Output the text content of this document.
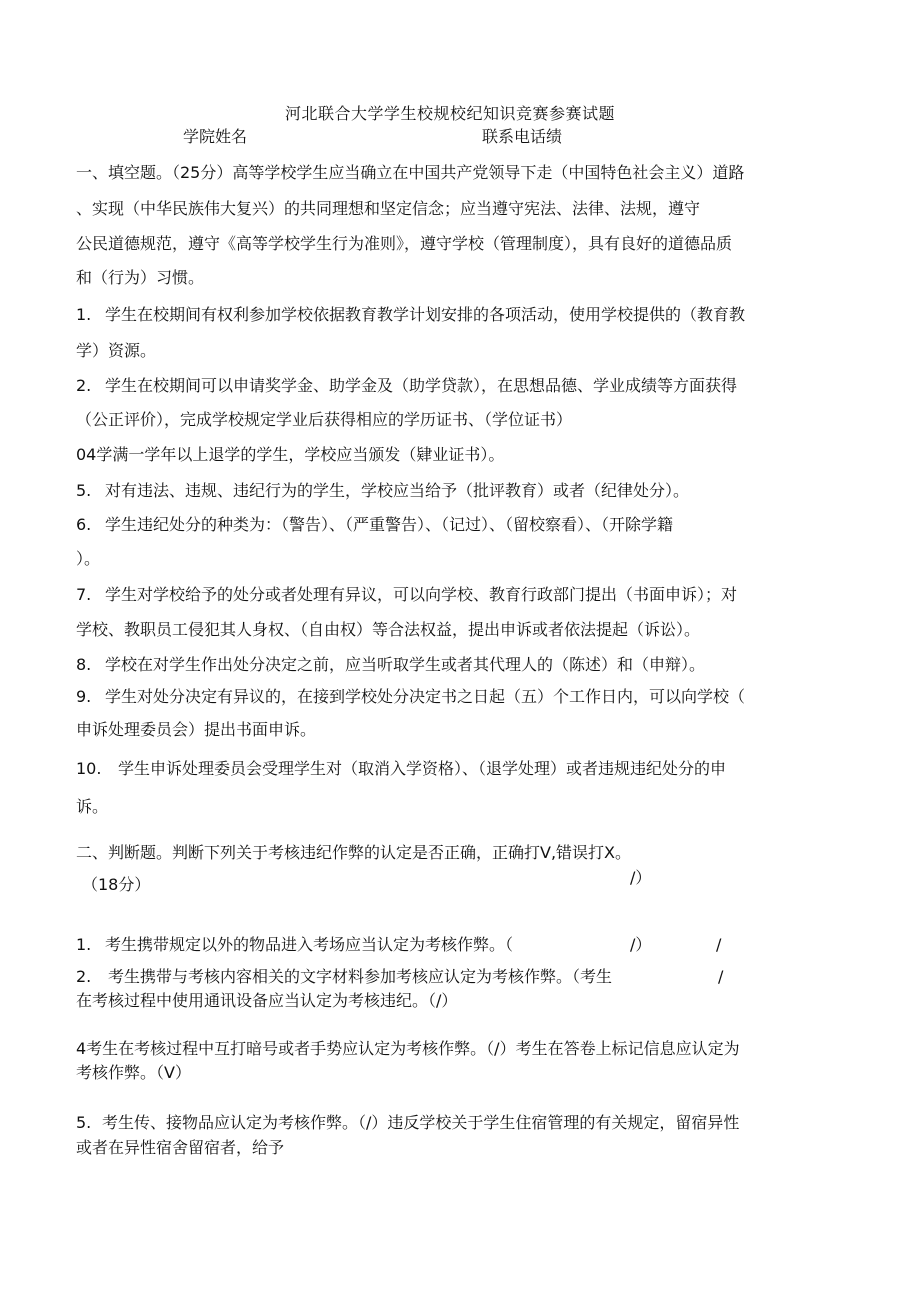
河北联合大学学生校规校纪知识竞赛参赛试题
学院姓名	联系电话绩
一、填空题。（25分）高等学校学生应当确立在中国共产党领导下走（中国特色社会主义）道路
、实现（中华民族伟大复兴）的共同理想和坚定信念；应当遵守宪法、法律、法规，遵守
公民道德规范，遵守《高等学校学生行为准则》，遵守学校（管理制度），具有良好的道德品质
和（行为）习惯。
1. 学生在校期间有权利参加学校依据教育教学计划安排的各项活动，使用学校提供的（教育教
学）资源。
2. 学生在校期间可以申请奖学金、助学金及（助学贷款），在思想品德、学业成绩等方面获得
（公正评价），完成学校规定学业后获得相应的学历证书、（学位证书）
04学满一学年以上退学的学生，学校应当颁发（肄业证书）。
5. 对有违法、违规、违纪行为的学生，学校应当给予（批评教育）或者（纪律处分）。
6. 学生违纪处分的种类为：（警告）、（严重警告）、（记过）、（留校察看）、（开除学籍
）。
7. 学生对学校给予的处分或者处理有异议，可以向学校、教育行政部门提出（书面申诉）；对
学校、教职员工侵犯其人身权、（自由权）等合法权益，提出申诉或者依法提起（诉讼）。
8. 学校在对学生作出处分决定之前，应当听取学生或者其代理人的（陈述）和（申辩）。
9. 学生对处分决定有异议的，在接到学校处分决定书之日起（五）个工作日内，可以向学校（
申诉处理委员会）提出书面申诉。
10. 学生申诉处理委员会受理学生对（取消入学资格）、（退学处理）或者违规违纪处分的申
诉。
二、判断题。判断下列关于考核违纪作弊的认定是否正确，正确打V,错误打X。
（18分）	/）
1. 考生携带规定以外的物品进入考场应当认定为考核作弊。（	/）	/
2. 考生携带与考核内容相关的文字材料参加考核应认定为考核作弊。（考生	/
在考核过程中使用通讯设备应当认定为考核违纪。（/）
4考生在考核过程中互打暗号或者手势应认定为考核作弊。（/）考生在答卷上标记信息应认定为
考核作弊。（V）
5. 考生传、接物品应认定为考核作弊。（/）违反学校关于学生住宿管理的有关规定，留宿异性
或者在异性宿舍留宿者，给予
